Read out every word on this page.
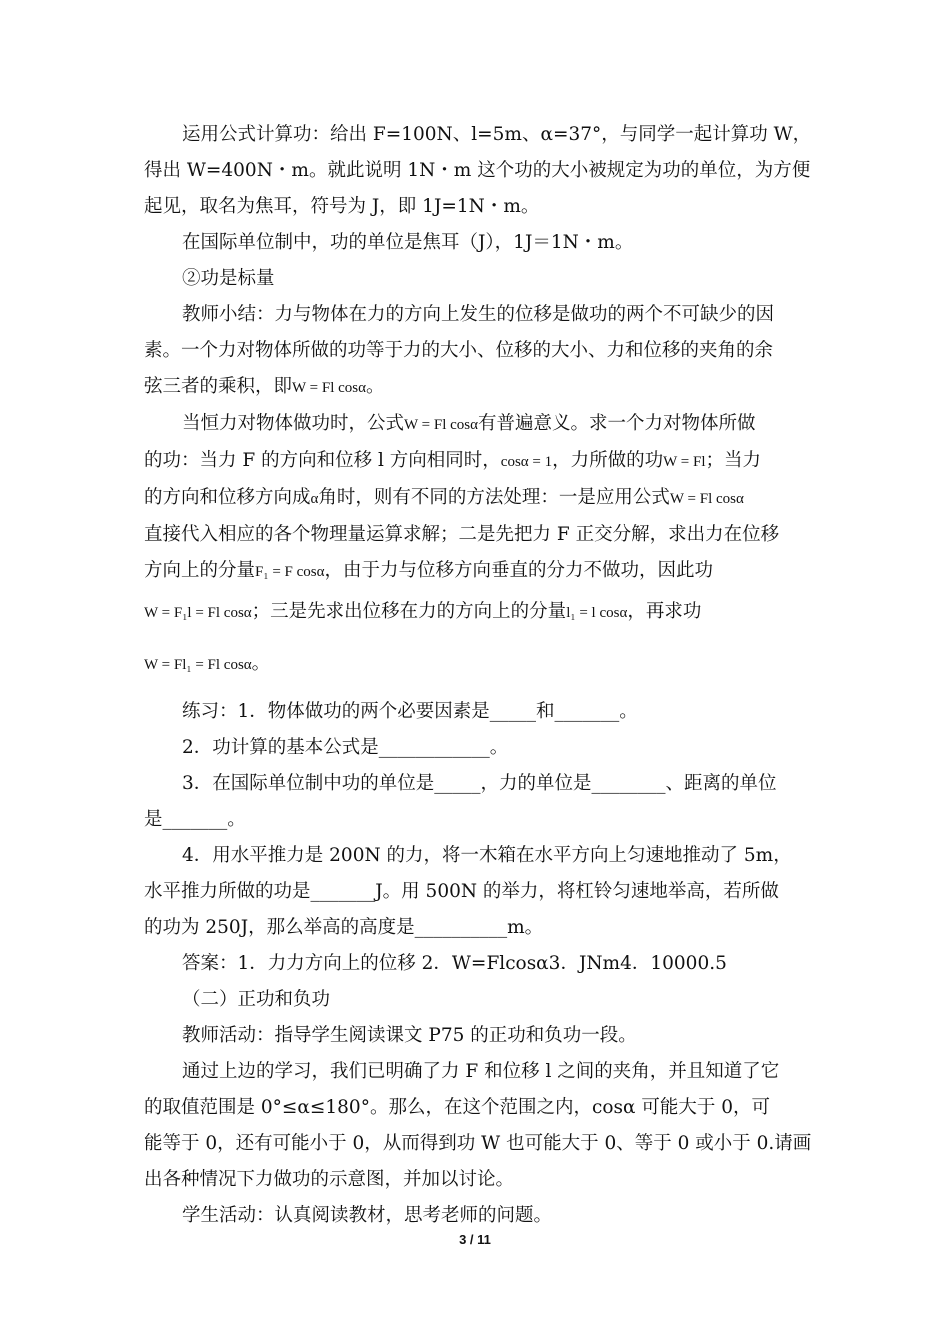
运用公式计算功：给出 F=100N、l=5m、α=37°，与同学一起计算功 W，

得出 W=400N・m。就此说明 1N・m 这个功的大小被规定为功的单位，为方便

起见，取名为焦耳，符号为 J，即 1J=1N・m。

在国际单位制中，功的单位是焦耳（J），1J＝1N・m。

②功是标量

教师小结：力与物体在力的方向上发生的位移是做功的两个不可缺少的因

素。一个力对物体所做的功等于力的大小、位移的大小、力和位移的夹角的余

弦三者的乘积，即W = Fl cosα。

当恒力对物体做功时，公式W = Fl cosα有普遍意义。求一个力对物体所做

的功：当力 F 的方向和位移 l 方向相同时，cosα = 1，力所做的功W = Fl；当力

的方向和位移方向成α角时，则有不同的方法处理：一是应用公式W = Fl cosα

直接代入相应的各个物理量运算求解；二是先把力 F 正交分解，求出力在位移

方向上的分量F₁ = F cosα，由于力与位移方向垂直的分力不做功，因此功

W = F₁l = Fl cosα；三是先求出位移在力的方向上的分量l₁ = l cosα，再求功

W = Fl₁ = Fl cosα。

练习：1．物体做功的两个必要因素是_____和_______。

2．功计算的基本公式是____________。

3．在国际单位制中功的单位是_____，力的单位是________、距离的单位

是_______。

4．用水平推力是 200N 的力，将一木箱在水平方向上匀速地推动了 5m，

水平推力所做的功是_______J。用 500N 的举力，将杠铃匀速地举高，若所做

的功为 250J，那么举高的高度是__________m。

答案：1．力力方向上的位移 2．W=Flcosα3．JNm4．10000.5

（二）正功和负功

教师活动：指导学生阅读课文 P75 的正功和负功一段。

通过上边的学习，我们已明确了力 F 和位移 l 之间的夹角，并且知道了它

的取值范围是 0°≤α≤180°。那么，在这个范围之内，cosα 可能大于 0，可

能等于 0，还有可能小于 0，从而得到功 W 也可能大于 0、等于 0 或小于 0.请画

出各种情况下力做功的示意图，并加以讨论。

学生活动：认真阅读教材，思考老师的问题。

3 / 11
